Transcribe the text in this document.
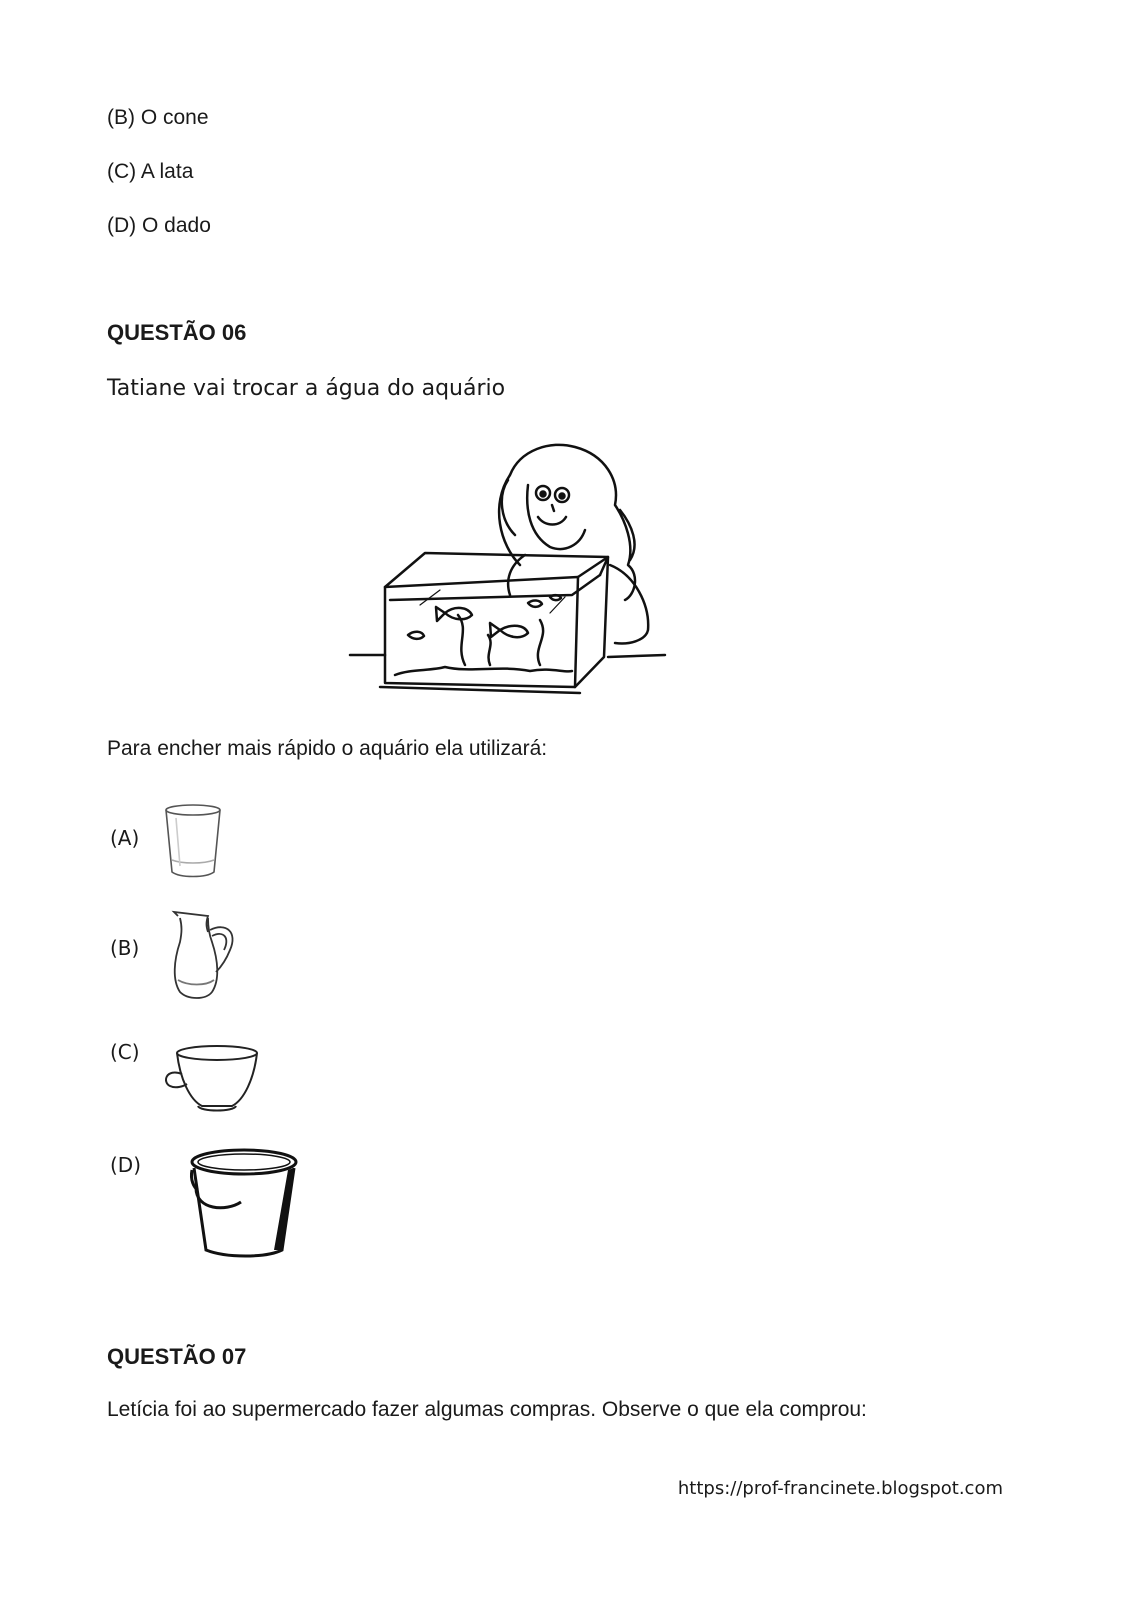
(B) O cone
(C) A lata
(D) O dado
QUESTÃO 06
Tatiane vai trocar a água do aquário
Para encher mais rápido o aquário ela utilizará:
(A)
(B)
(C)
(D)
QUESTÃO 07
Letícia foi ao supermercado fazer algumas compras. Observe o que ela comprou:
https://prof-francinete.blogspot.com
